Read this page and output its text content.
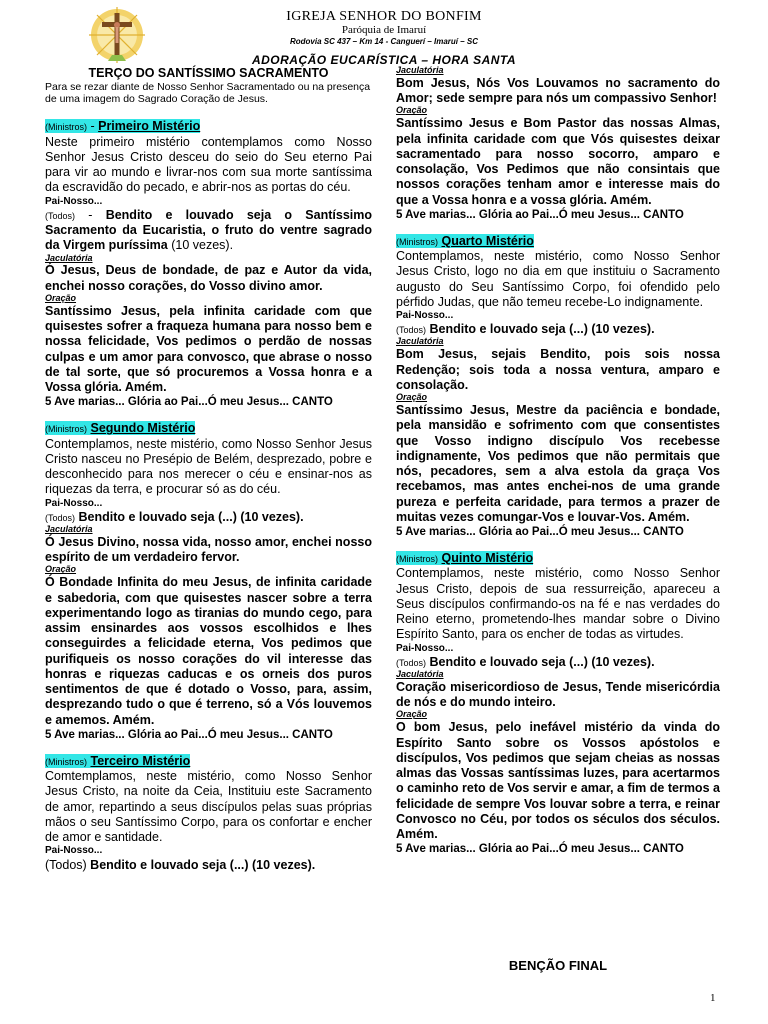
IGREJA SENHOR DO BONFIM
Paróquia de Imaruí
Rodovia SC 437 – Km 14 - Canguerí – Imaruí – SC
ADORAÇÃO EUCARÍSTICA – HORA SANTA

TERÇO DO SANTÍSSIMO SACRAMENTO

Para se rezar diante de Nosso Senhor Sacramentado ou na presença de uma imagem do Sagrado Coração de Jesus.

(Ministros) - Primeiro Mistério

Neste primeiro mistério contemplamos como Nosso Senhor Jesus Cristo desceu do seio do Seu eterno Pai para vir ao mundo e livrar-nos com sua morte santíssima da escravidão do pecado, e abrir-nos as portas do céu.

Pai-Nosso...

(Todos) - Bendito e louvado seja o Santíssimo Sacramento da Eucaristia, o fruto do ventre sagrado da Virgem puríssima (10 vezes).

Jaculatória

Ó Jesus, Deus de bondade, de paz e Autor da vida, enchei nosso corações, do Vosso divino amor.

Oração

Santíssimo Jesus, pela infinita caridade com que quisestes sofrer a fraqueza humana para nosso bem e nossa felicidade, Vos pedimos o perdão de nossas culpas e um amor para convosco, que abrase o nosso de tal sorte, que só procuremos a Vossa honra e a Vossa glória. Amém.

5 Ave marias... Glória ao Pai...Ó meu Jesus... CANTO

(Ministros) Segundo Mistério

Contemplamos, neste mistério, como Nosso Senhor Jesus Cristo nasceu no Presépio de Belém, desprezado, pobre e desconhecido para nos merecer o céu e ensinar-nos as riquezas da terra, e procurar só as do céu.

Pai-Nosso...

(Todos) Bendito e louvado seja (...) (10 vezes).

Jaculatória

Ó Jesus Divino, nossa vida, nosso amor, enchei nosso espírito de um verdadeiro fervor.

Oração

Ó Bondade Infinita do meu Jesus, de infinita caridade e sabedoria, com que quisestes nascer sobre a terra experimentando logo as tiranias do mundo cego, para assim ensinardes aos vossos escolhidos e lhes conseguirdes a felicidade eterna, Vos pedimos que purifiqueis os nosso corações do vil interesse das honras e riquezas caducas e os orneis dos puros sentimentos de que é dotado o Vosso, para, assim, desprezando tudo o que é terreno, só a Vós louvemos e amemos. Amém.

5 Ave marias... Glória ao Pai...Ó meu Jesus... CANTO

(Ministros) Terceiro Mistério

Comtemplamos, neste mistério, como Nosso Senhor Jesus Cristo, na noite da Ceia, Instituiu este Sacramento de amor, repartindo a seus discípulos pelas suas próprias mãos o seu Santíssimo Corpo, para os confortar e encher de amor e santidade.

Pai-Nosso...

(Todos) Bendito e louvado seja (...) (10 vezes).

Jaculatória

Bom Jesus, Nós Vos Louvamos no sacramento do Amor; sede sempre para nós um compassivo Senhor!

Oração

Santíssimo Jesus e Bom Pastor das nossas Almas, pela infinita caridade com que Vós quisestes deixar sacramentado para nosso socorro, amparo e consolação, Vos Pedimos que não consintais que nossos corações tenham amor e interesse mais do que a Vossa honra e a vossa glória. Amém.

5 Ave marias... Glória ao Pai...Ó meu Jesus... CANTO

(Ministros) Quarto Mistério

Contemplamos, neste mistério, como Nosso Senhor Jesus Cristo, logo no dia em que instituiu o Sacramento augusto do Seu Santíssimo Corpo, foi ofendido pelo pérfido Judas, que não temeu recebe-Lo indignamente.

Pai-Nosso...

(Todos) Bendito e louvado seja (...) (10 vezes).

Jaculatória

Bom Jesus, sejais Bendito, pois sois nossa Redenção; sois toda a nossa ventura, amparo e consolação.

Oração

Santíssimo Jesus, Mestre da paciência e bondade, pela mansidão e sofrimento com que consentistes que Vosso indigno discípulo Vos recebesse indignamente, Vos pedimos que não permitais que nós, pecadores, sem a alva estola da graça Vos recebamos, mas antes enchei-nos de uma grande pureza e perfeita caridade, para termos a prazer de muitas vezes comungar-Vos e louvar-Vos. Amém.

5 Ave marias... Glória ao Pai...Ó meu Jesus... CANTO

(Ministros) Quinto Mistério

Contemplamos, neste mistério, como Nosso Senhor Jesus Cristo, depois de sua ressurreição, apareceu a Seus discípulos confirmando-os na fé e nas verdades do Reino eterno, prometendo-lhes mandar sobre o Divino Espírito Santo, para os encher de todas as virtudes.

Pai-Nosso...

(Todos) Bendito e louvado seja (...) (10 vezes).

Jaculatória

Coração misericordioso de Jesus, Tende misericórdia de nós e do mundo inteiro.

Oração

O bom Jesus, pelo inefável mistério da vinda do Espírito Santo sobre os Vossos apóstolos e discípulos, Vos pedimos que sejam cheias as nossas almas das Vossas santíssimas luzes, para acertarmos o caminho reto de Vos servir e amar, a fim de termos a felicidade de sempre Vos louvar sobre a terra, e reinar Convosco no Céu, por todos os séculos dos séculos. Amém.

5 Ave marias... Glória ao Pai...Ó meu Jesus... CANTO

BENÇÃO FINAL
1
